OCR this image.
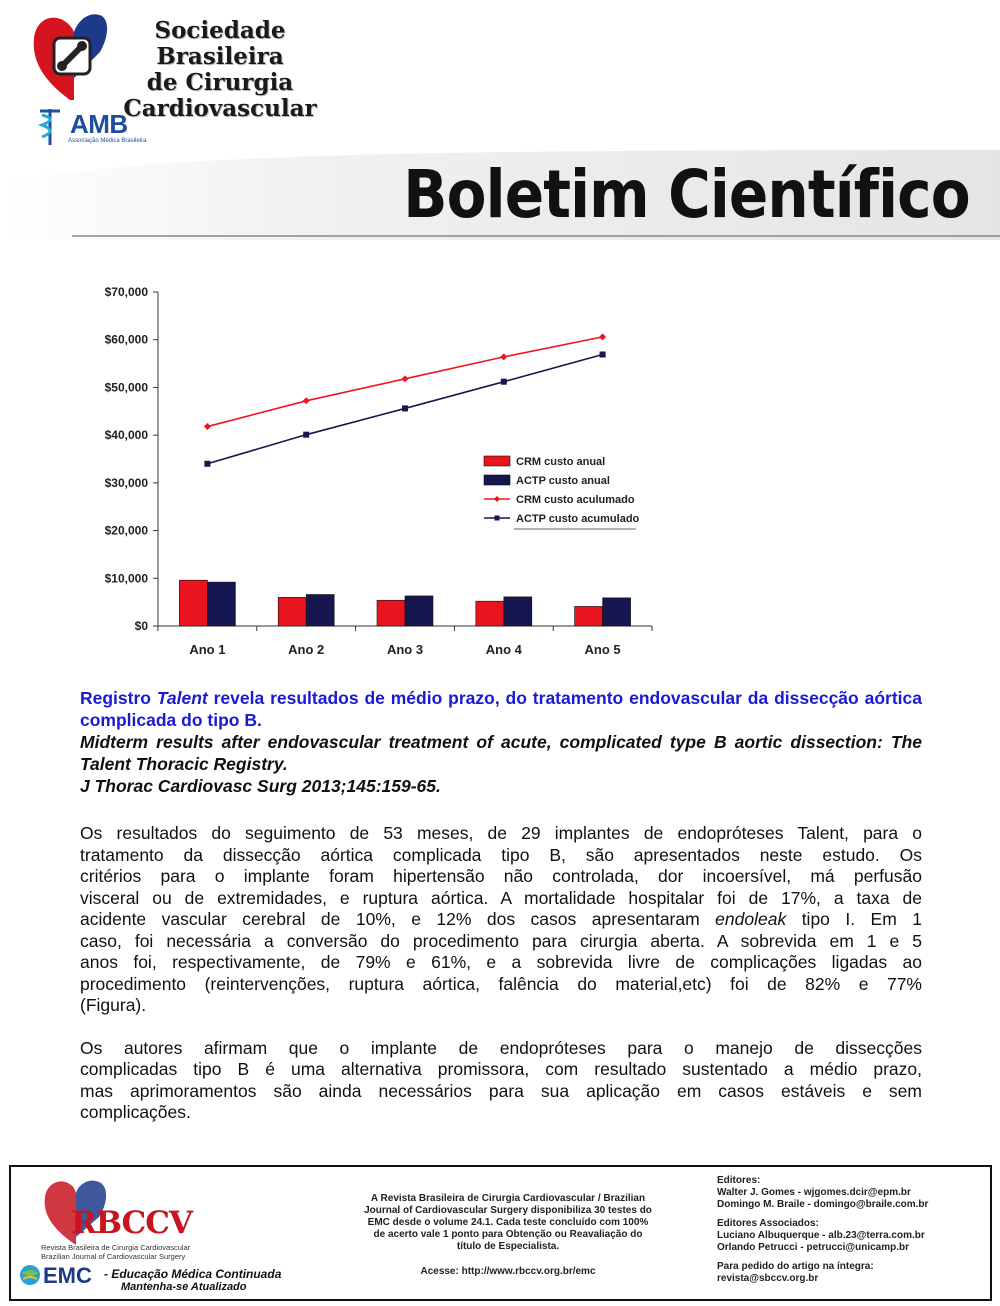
Sociedade Brasileira
de Cirurgia
Cardiovascular
AMB
Associação Médica Brasileira
Boletim Científico
$70,000
$60,000
$50,000
$40,000
$30,000
$20,000
$10,000
$0
Ano 1	Ano 2	Ano 3	Ano 4	Ano 5
CRM custo anual
ACTP custo anual
CRM custo aculumado
ACTP custo acumulado
Registro Talent revela resultados de médio prazo, do tratamento endovascular da dissecção aórtica complicada do tipo B.
Midterm results after endovascular treatment of acute, complicated type B aortic dissection: The Talent Thoracic Registry.
J Thorac Cardiovasc Surg 2013;145:159-65.
Os resultados do seguimento de 53 meses, de 29 implantes de endopróteses Talent, para o
tratamento da dissecção aórtica complicada tipo B, são apresentados neste estudo. Os
critérios para o implante foram hipertensão não controlada, dor incoersível, má perfusão
visceral ou de extremidades, e ruptura aórtica. A mortalidade hospitalar foi de 17%, a taxa de
acidente vascular cerebral de 10%, e 12% dos casos apresentaram endoleak tipo I. Em 1
caso, foi necessária a conversão do procedimento para cirurgia aberta. A sobrevida em 1 e 5
anos foi, respectivamente, de 79% e 61%, e a sobrevida livre de complicações ligadas ao
procedimento (reintervenções, ruptura aórtica, falência do material,etc) foi de 82% e 77%
(Figura).
Os autores afirmam que o implante de endopróteses para o manejo de dissecções
complicadas tipo B é uma alternativa promissora, com resultado sustentado a médio prazo,
mas aprimoramentos são ainda necessários para sua aplicação em casos estáveis e sem
complicações.
RBCCV
Revista Brasileira de Cirurgia Cardiovascular
Brazilian Journal of Cardiovascular Surgery
EMC - Educação Médica Continuada
Mantenha-se Atualizado
A Revista Brasileira de Cirurgia Cardiovascular / Brazilian
Journal of Cardiovascular Surgery disponibiliza 30 testes do
EMC desde o volume 24.1. Cada teste concluído com 100%
de acerto vale 1 ponto para Obtenção ou Reavaliação do
título de Especialista.
Acesse: http://www.rbccv.org.br/emc
Editores:
Walter J. Gomes - wjgomes.dcir@epm.br
Domingo M. Braile - domingo@braile.com.br
Editores Associados:
Luciano Albuquerque - alb.23@terra.com.br
Orlando Petrucci - petrucci@unicamp.br
Para pedido do artigo na íntegra:
revista@sbccv.org.br
